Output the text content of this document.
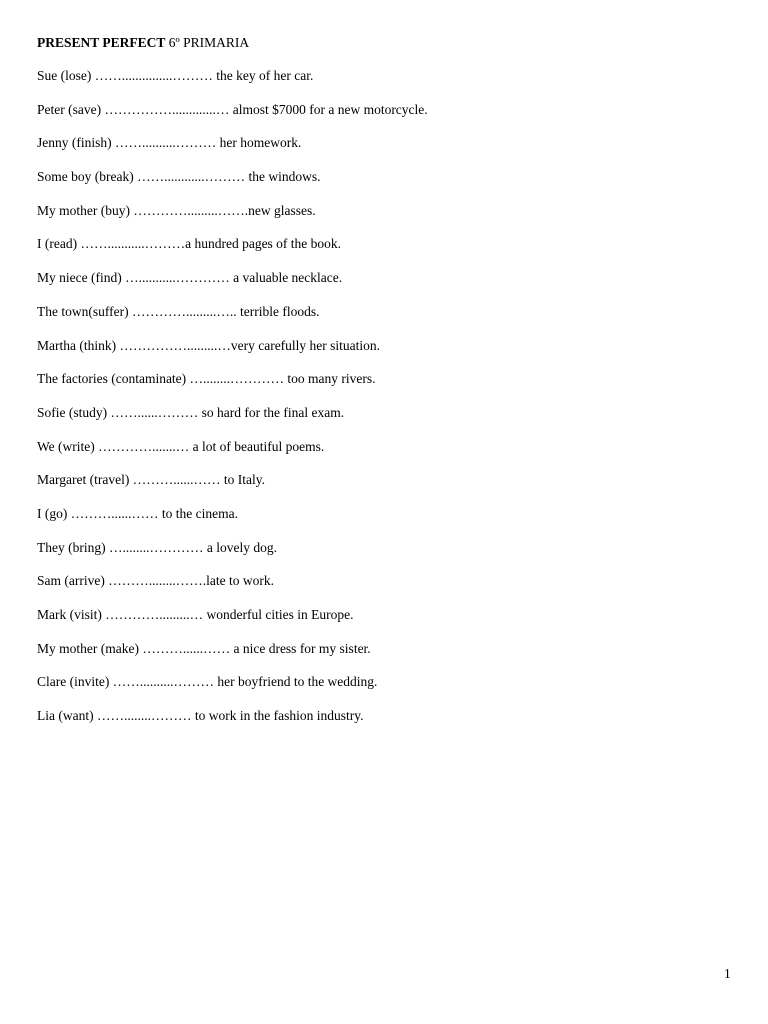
PRESENT PERFECT 6º PRIMARIA
Sue (lose) ……...............……… the key of her car.
Peter (save) …………….............… almost $7000 for a new motorcycle.
Jenny (finish) ……..........……… her homework.
Some boy (break) ……............……… the windows.
My mother (buy) ………….........…….new glasses.
I (read) ……...........………a hundred pages of the book.
My niece (find) …...........………… a valuable necklace.
The town(suffer) ………….........….. terrible floods.
Martha (think) …………….........…very carefully her situation.
The factories (contaminate) …........………… too many rivers.
Sofie (study) ……......……… so hard for the final exam.
We (write) ………….......… a lot of beautiful poems.
Margaret (travel) ………......…… to Italy.
I (go) ………......…… to the cinema.
They (bring) …........………… a lovely dog.
Sam (arrive) ………........…….late to work.
Mark (visit) ………….........… wonderful cities in Europe.
My mother (make) ………......…… a nice dress for my sister.
Clare (invite) ……..........……… her boyfriend to the wedding.
Lia (want) ……........……… to work in the fashion industry.
1
